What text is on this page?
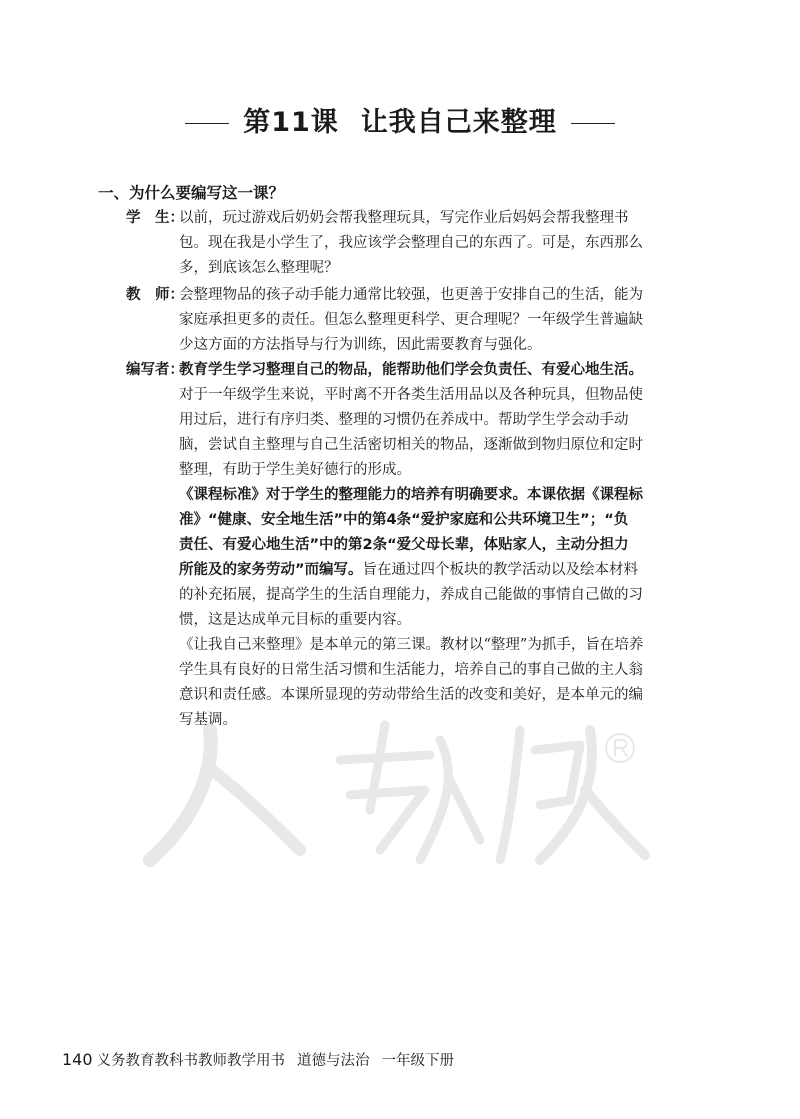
第11课 让我自己来整理
一、为什么要编写这一课？
学　生：
以前，玩过游戏后奶奶会帮我整理玩具，写完作业后妈妈会帮我整理书
包。现在我是小学生了，我应该学会整理自己的东西了。可是，东西那么
多，到底该怎么整理呢？
教　师：
会整理物品的孩子动手能力通常比较强，也更善于安排自己的生活，能为
家庭承担更多的责任。但怎么整理更科学、更合理呢？一年级学生普遍缺
少这方面的方法指导与行为训练，因此需要教育与强化。
编写者：
教育学生学习整理自己的物品，能帮助他们学会负责任、有爱心地生活。
对于一年级学生来说，平时离不开各类生活用品以及各种玩具，但物品使
用过后，进行有序归类、整理的习惯仍在养成中。帮助学生学会动手动
脑，尝试自主整理与自己生活密切相关的物品，逐渐做到物归原位和定时
整理，有助于学生美好德行的形成。
《课程标准》对于学生的整理能力的培养有明确要求。本课依据《课程标
准》“健康、安全地生活”中的第4条“爱护家庭和公共环境卫生”；“负
责任、有爱心地生活”中的第2条“爱父母长辈，体贴家人，主动分担力
所能及的家务劳动”而编写。旨在通过四个板块的教学活动以及绘本材料
的补充拓展，提高学生的生活自理能力，养成自己能做的事情自己做的习
惯，这是达成单元目标的重要内容。
《让我自己来整理》是本单元的第三课。教材以“整理”为抓手，旨在培养
学生具有良好的日常生活习惯和生活能力，培养自己的事自己做的主人翁
意识和责任感。本课所显现的劳动带给生活的改变和美好，是本单元的编
写基调。
140 义务教育教科书教师教学用书 道德与法治 一年级下册
